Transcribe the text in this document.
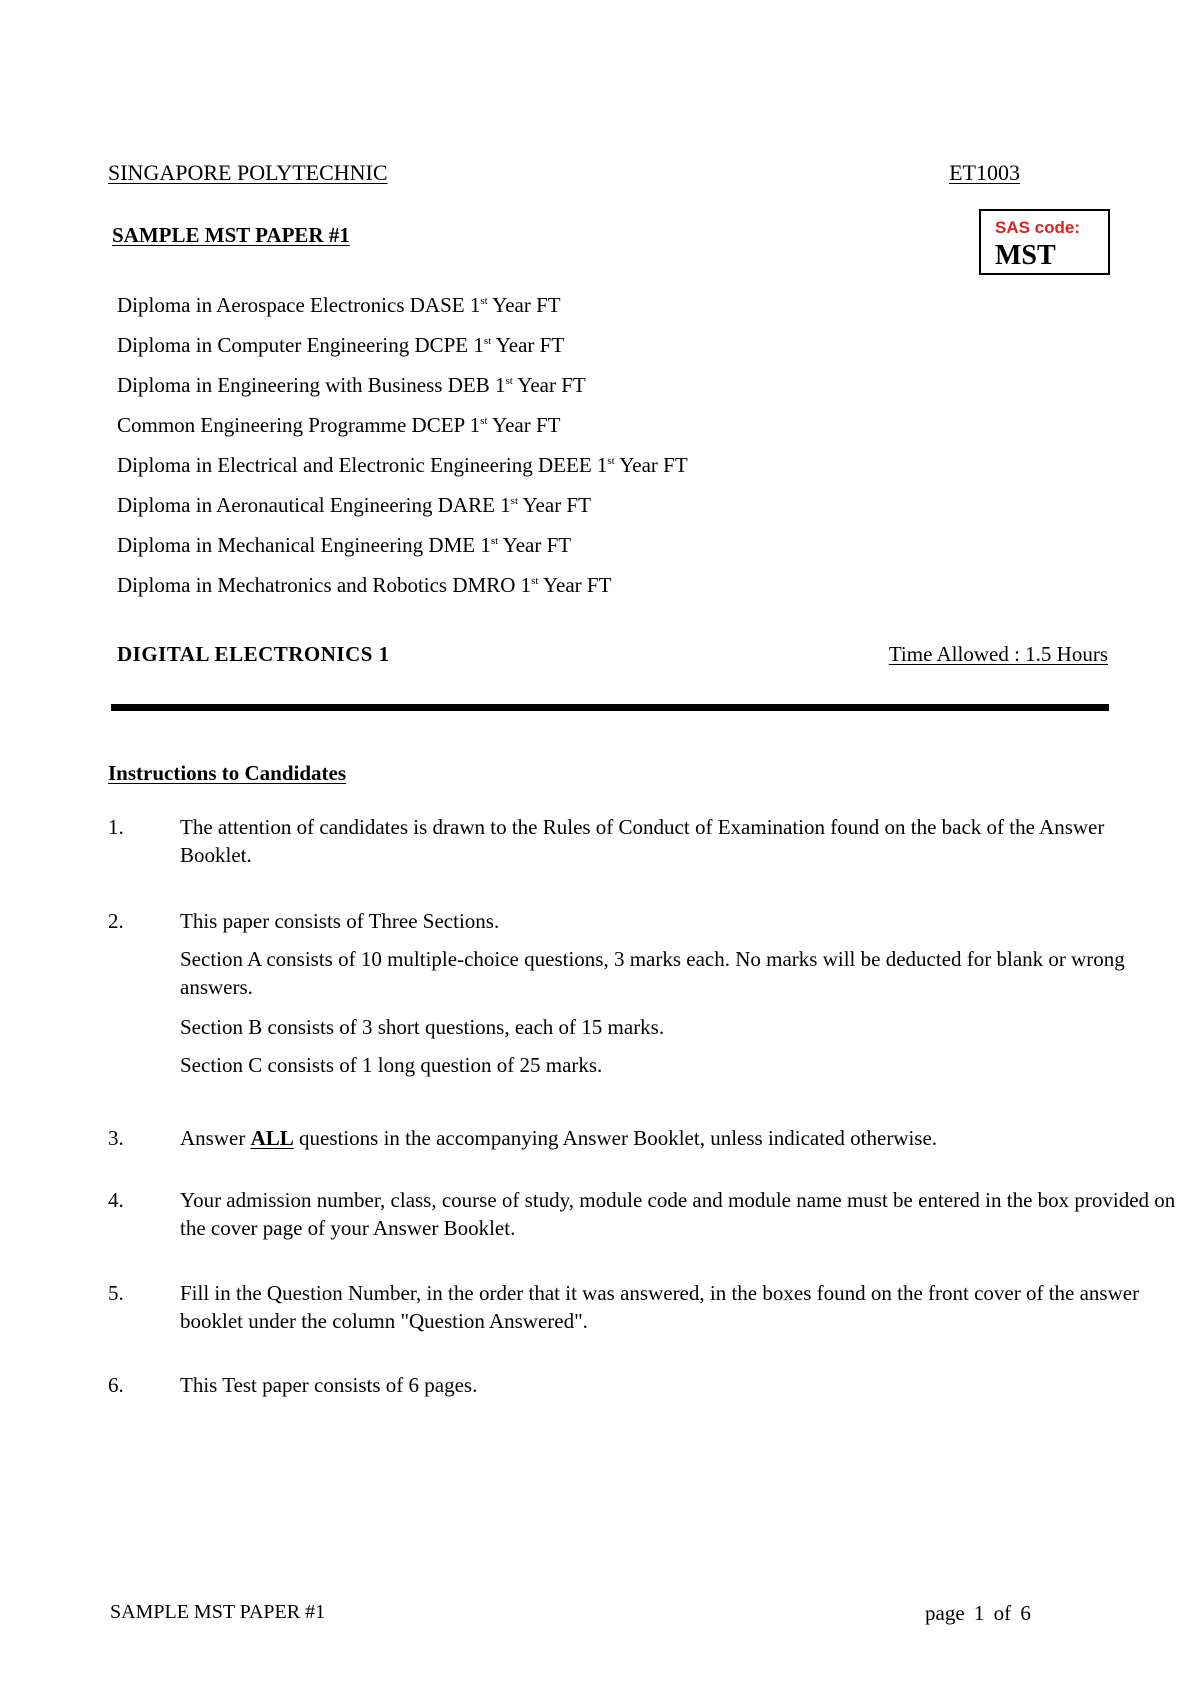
SINGAPORE POLYTECHNIC	ET1003
SAMPLE MST PAPER #1	SAS code:
MST
Diploma in Aerospace Electronics DASE 1st Year FT
Diploma in Computer Engineering DCPE 1st Year FT
Diploma in Engineering with Business DEB 1st Year FT
Common Engineering Programme DCEP 1st Year FT
Diploma in Electrical and Electronic Engineering DEEE 1st Year FT
Diploma in Aeronautical Engineering DARE 1st Year FT
Diploma in Mechanical Engineering DME 1st Year FT
Diploma in Mechatronics and Robotics DMRO 1st Year FT
DIGITAL ELECTRONICS 1	Time Allowed : 1.5 Hours
Instructions to Candidates
1.	The attention of candidates is drawn to the Rules of Conduct of Examination found on the back of the Answer Booklet.

2.	This paper consists of Three Sections.

Section A consists of 10 multiple-choice questions, 3 marks each. No marks will be deducted for blank or wrong answers.

Section B consists of 3 short questions, each of 15 marks.

Section C consists of 1 long question of 25 marks.

3.	Answer ALL questions in the accompanying Answer Booklet, unless indicated otherwise.

4.	Your admission number, class, course of study, module code and module name must be entered in the box provided on the cover page of your Answer Booklet.

5.	Fill in the Question Number, in the order that it was answered, in the boxes found on the front cover of the answer booklet under the column "Question Answered".

6.	This Test paper consists of 6 pages.

SAMPLE MST PAPER #1	page 1 of 6
